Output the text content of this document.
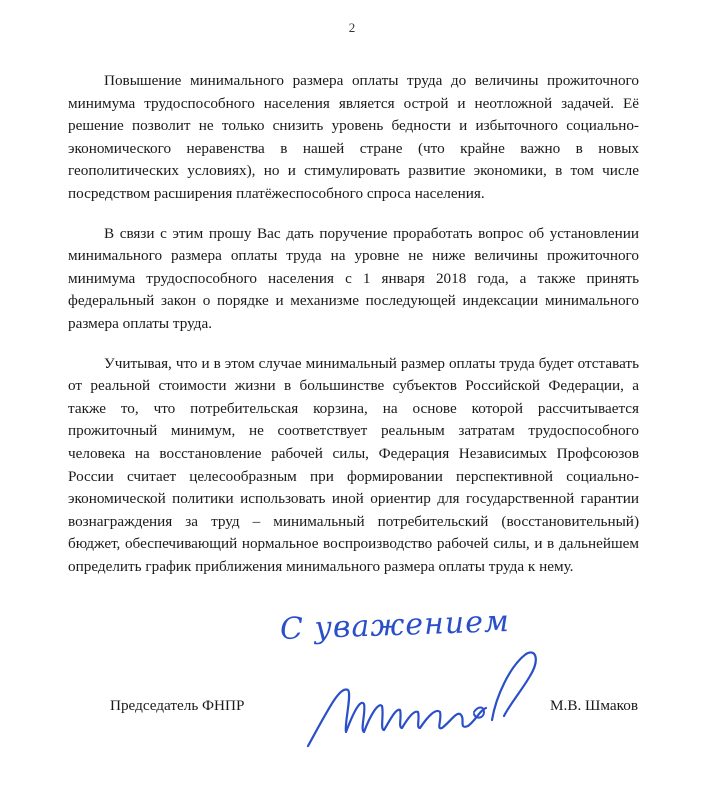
2

Повышение минимального размера оплаты труда до величины прожиточного минимума трудоспособного населения является острой и неотложной задачей. Её решение позволит не только снизить уровень бедности и избыточного социально-экономического неравенства в нашей стране (что крайне важно в новых геополитических условиях), но и стимулировать развитие экономики, в том числе посредством расширения платёжеспособного спроса населения.

В связи с этим прошу Вас дать поручение проработать вопрос об установлении минимального размера оплаты труда на уровне не ниже величины прожиточного минимума трудоспособного населения с 1 января 2018 года, а также принять федеральный закон о порядке и механизме последующей индексации минимального размера оплаты труда.

Учитывая, что и в этом случае минимальный размер оплаты труда будет отставать от реальной стоимости жизни в большинстве субъектов Российской Федерации, а также то, что потребительская корзина, на основе которой рассчитывается прожиточный минимум, не соответствует реальным затратам трудоспособного человека на восстановление рабочей силы, Федерация Независимых Профсоюзов России считает целесообразным при формировании перспективной социально-экономической политики использовать иной ориентир для государственной гарантии вознаграждения за труд – минимальный потребительский (восстановительный) бюджет, обеспечивающий нормальное воспроизводство рабочей силы, и в дальнейшем определить график приближения минимального размера оплаты труда к нему.

С уважением
Председатель ФНПР	М.В. Шмаков
